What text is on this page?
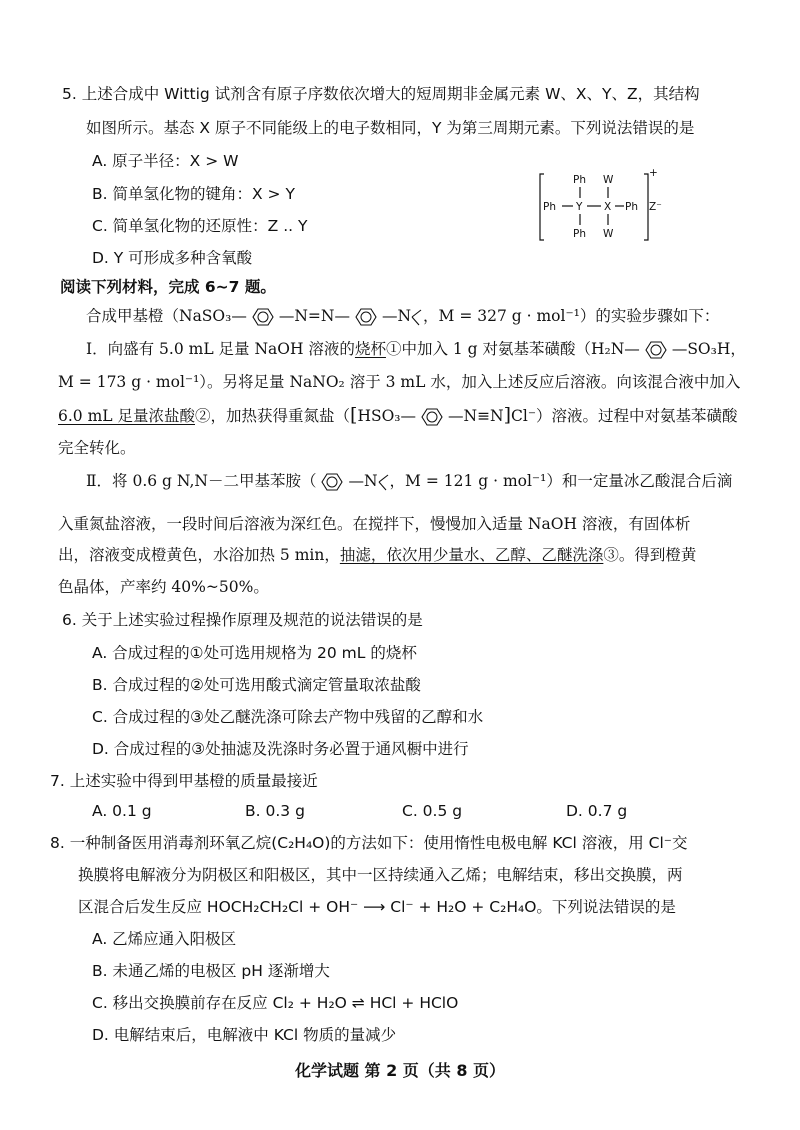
5. 上述合成中 Wittig 试剂含有原子序数依次增大的短周期非金属元素 W、X、Y、Z，其结构
如图所示。基态 X 原子不同能级上的电子数相同，Y 为第三周期元素。下列说法错误的是
A. 原子半径：X > W
B. 简单氢化物的键角：X > Y
C. 简单氢化物的还原性：Z .. Y
D. Y 可形成多种含氧酸
Ph W
Ph Y X Ph
Ph W
+
Z⁻
阅读下列材料，完成 6~7 题。
合成甲基橙（NaSO₃— —N=N— —N ，M = 327 g · mol⁻¹）的实验步骤如下：
Ⅰ．向盛有 5.0 mL 足量 NaOH 溶液的烧杯①中加入 1 g 对氨基苯磺酸（H₂N— —SO₃H，
M = 173 g · mol⁻¹）。另将足量 NaNO₂ 溶于 3 mL 水，加入上述反应后溶液。向该混合液中加入
6.0 mL 足量浓盐酸②，加热获得重氮盐（[HSO₃— —N≡N]Cl⁻）溶液。过程中对氨基苯磺酸
完全转化。
Ⅱ．将 0.6 g N,N－二甲基苯胺（ —N ，M = 121 g · mol⁻¹）和一定量冰乙酸混合后滴
入重氮盐溶液，一段时间后溶液为深红色。在搅拌下，慢慢加入适量 NaOH 溶液，有固体析
出，溶液变成橙黄色，水浴加热 5 min，抽滤，依次用少量水、乙醇、乙醚洗涤③。得到橙黄
色晶体，产率约 40%~50%。
6. 关于上述实验过程操作原理及规范的说法错误的是
A. 合成过程的①处可选用规格为 20 mL 的烧杯
B. 合成过程的②处可选用酸式滴定管量取浓盐酸
C. 合成过程的③处乙醚洗涤可除去产物中残留的乙醇和水
D. 合成过程的③处抽滤及洗涤时务必置于通风橱中进行
7. 上述实验中得到甲基橙的质量最接近
A. 0.1 g	B. 0.3 g	C. 0.5 g	D. 0.7 g
8. 一种制备医用消毒剂环氧乙烷(C₂H₄O)的方法如下：使用惰性电极电解 KCl 溶液，用 Cl⁻交
换膜将电解液分为阴极区和阳极区，其中一区持续通入乙烯；电解结束，移出交换膜，两
区混合后发生反应 HOCH₂CH₂Cl + OH⁻ ⟶ Cl⁻ + H₂O + C₂H₄O。下列说法错误的是
A. 乙烯应通入阳极区
B. 未通乙烯的电极区 pH 逐渐增大
C. 移出交换膜前存在反应 Cl₂ + H₂O ⇌ HCl + HClO
D. 电解结束后，电解液中 KCl 物质的量减少
化学试题 第 2 页（共 8 页）
